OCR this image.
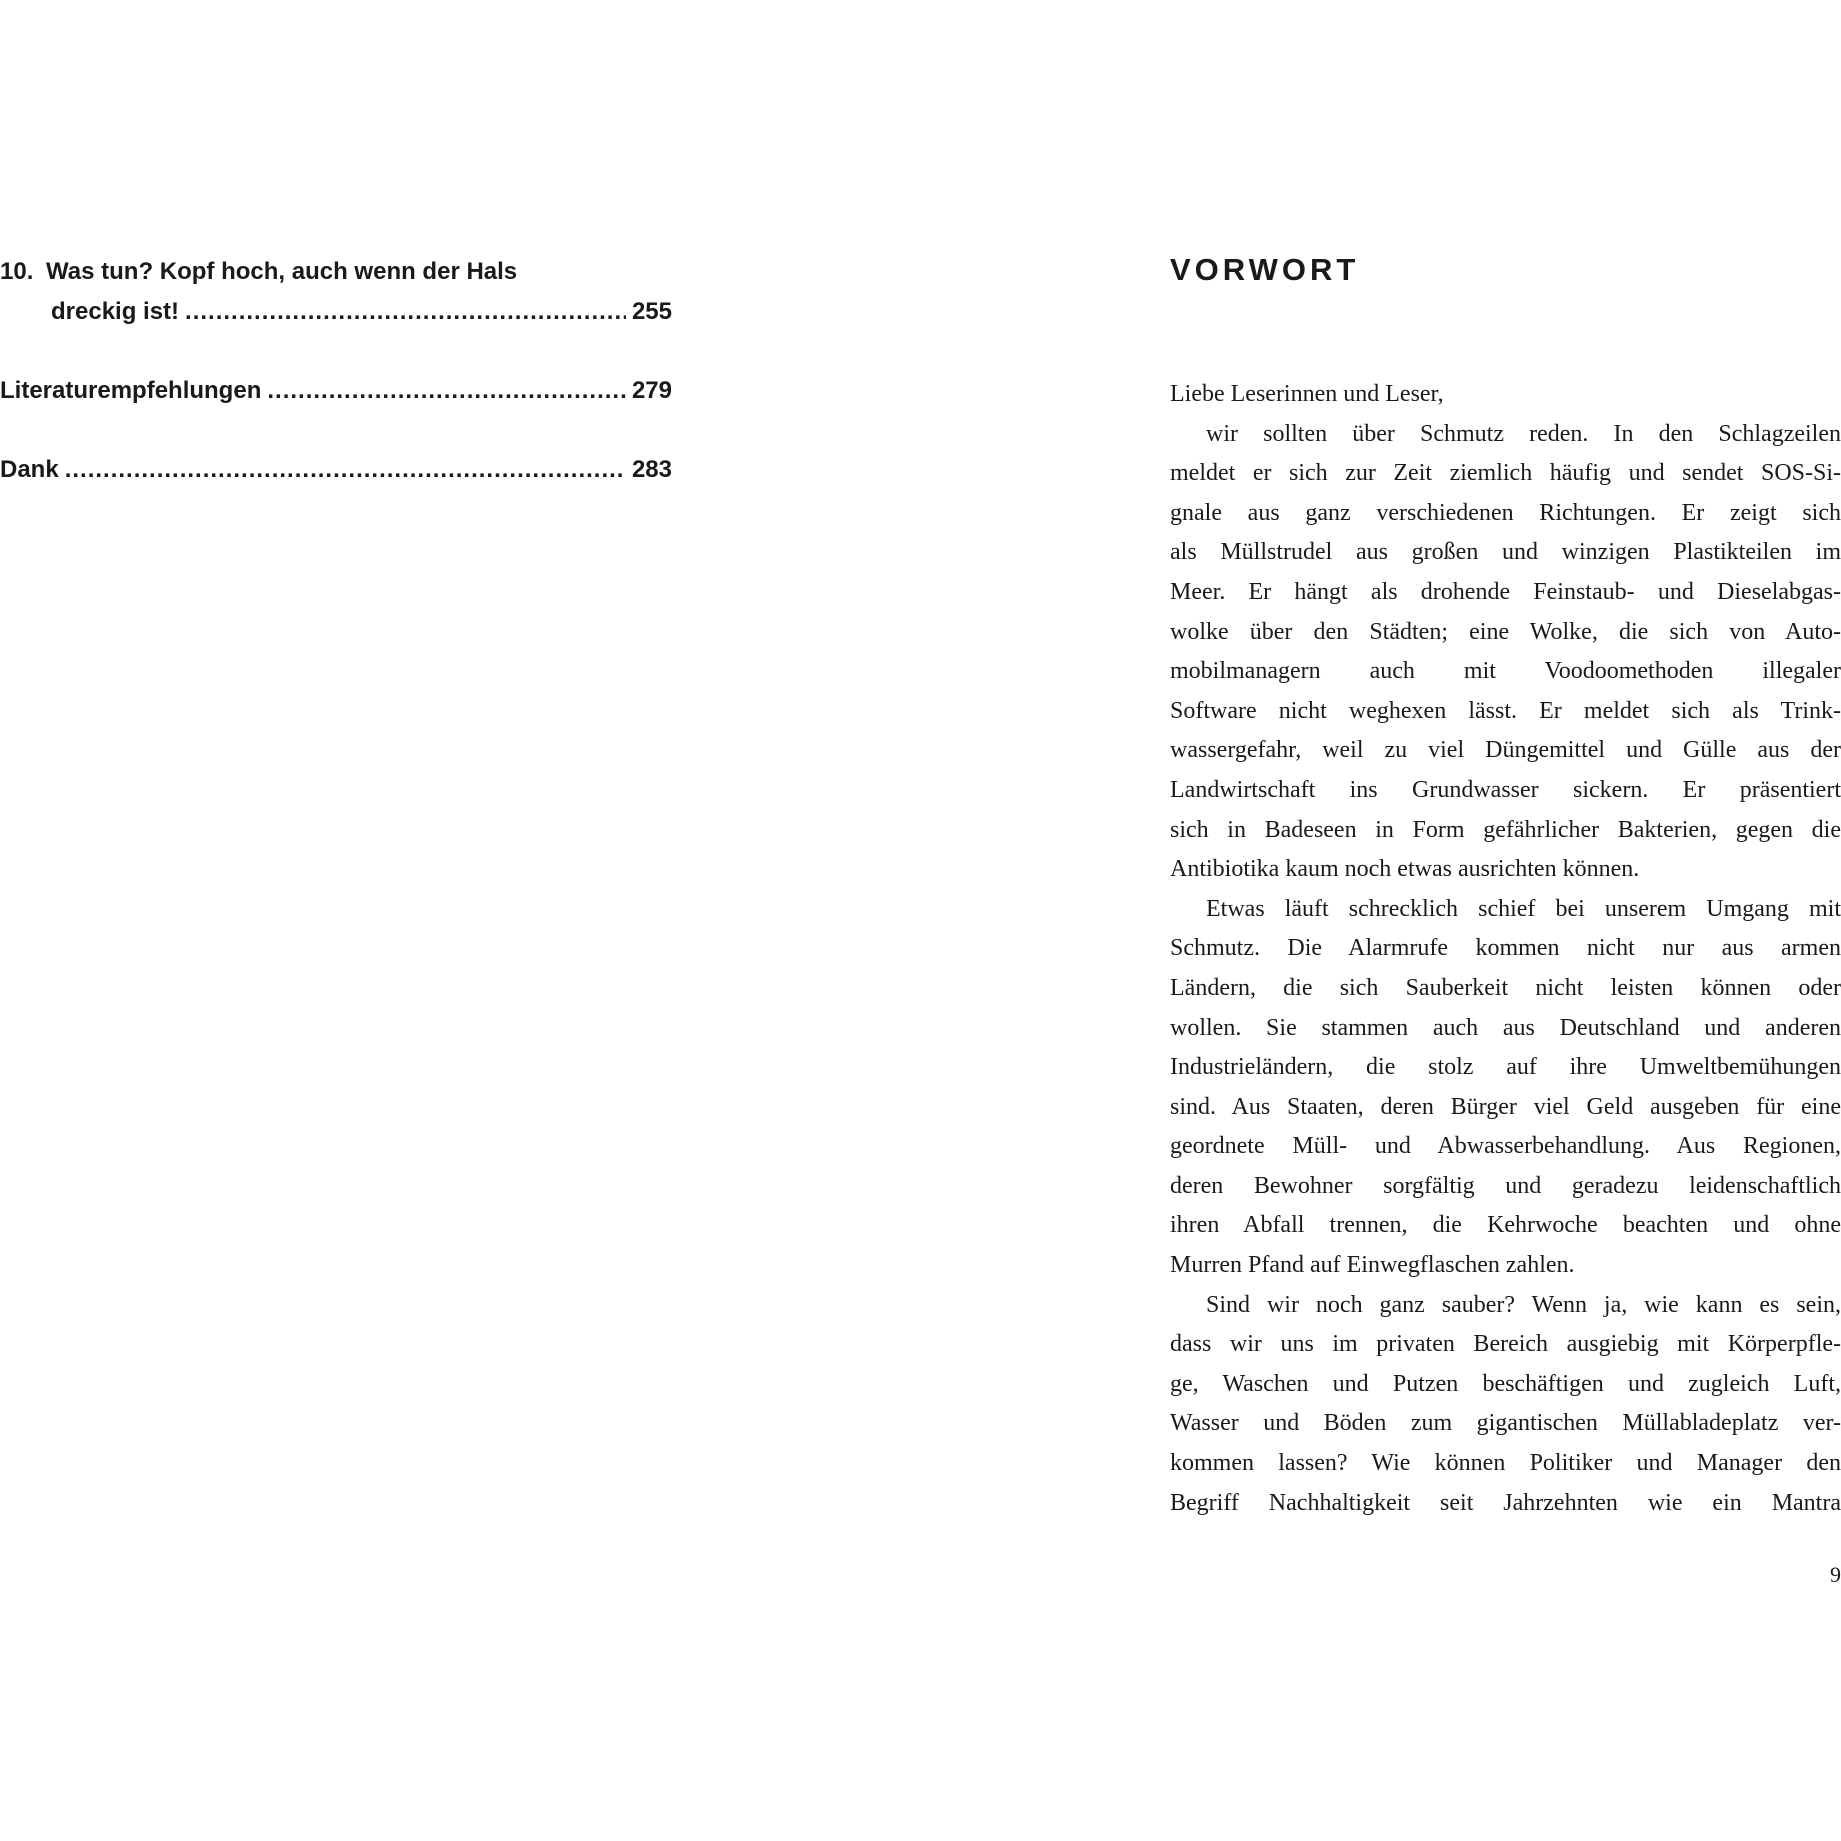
10. Was tun? Kopf hoch, auch wenn der Hals
dreckig ist! .....	255
Literaturempfehlungen .....	279
Dank .....	283
VORWORT
Liebe Leserinnen und Leser,
wir sollten über Schmutz reden. In den Schlagzeilen
meldet er sich zur Zeit ziemlich häufig und sendet SOS-Si-
gnale aus ganz verschiedenen Richtungen. Er zeigt sich
als Müllstrudel aus großen und winzigen Plastikteilen im
Meer. Er hängt als drohende Feinstaub- und Dieselabgas-
wolke über den Städten; eine Wolke, die sich von Auto-
mobilmanagern auch mit Voodoomethoden illegaler
Software nicht weghexen lässt. Er meldet sich als Trink-
wassergefahr, weil zu viel Düngemittel und Gülle aus der
Landwirtschaft ins Grundwasser sickern. Er präsentiert
sich in Badeseen in Form gefährlicher Bakterien, gegen die
Antibiotika kaum noch etwas ausrichten können.
Etwas läuft schrecklich schief bei unserem Umgang mit
Schmutz. Die Alarmrufe kommen nicht nur aus armen
Ländern, die sich Sauberkeit nicht leisten können oder
wollen. Sie stammen auch aus Deutschland und anderen
Industrieländern, die stolz auf ihre Umweltbemühungen
sind. Aus Staaten, deren Bürger viel Geld ausgeben für eine
geordnete Müll- und Abwasserbehandlung. Aus Regionen,
deren Bewohner sorgfältig und geradezu leidenschaftlich
ihren Abfall trennen, die Kehrwoche beachten und ohne
Murren Pfand auf Einwegflaschen zahlen.
Sind wir noch ganz sauber? Wenn ja, wie kann es sein,
dass wir uns im privaten Bereich ausgiebig mit Körperpfle-
ge, Waschen und Putzen beschäftigen und zugleich Luft,
Wasser und Böden zum gigantischen Müllabladeplatz ver-
kommen lassen? Wie können Politiker und Manager den
Begriff Nachhaltigkeit seit Jahrzehnten wie ein Mantra
9
